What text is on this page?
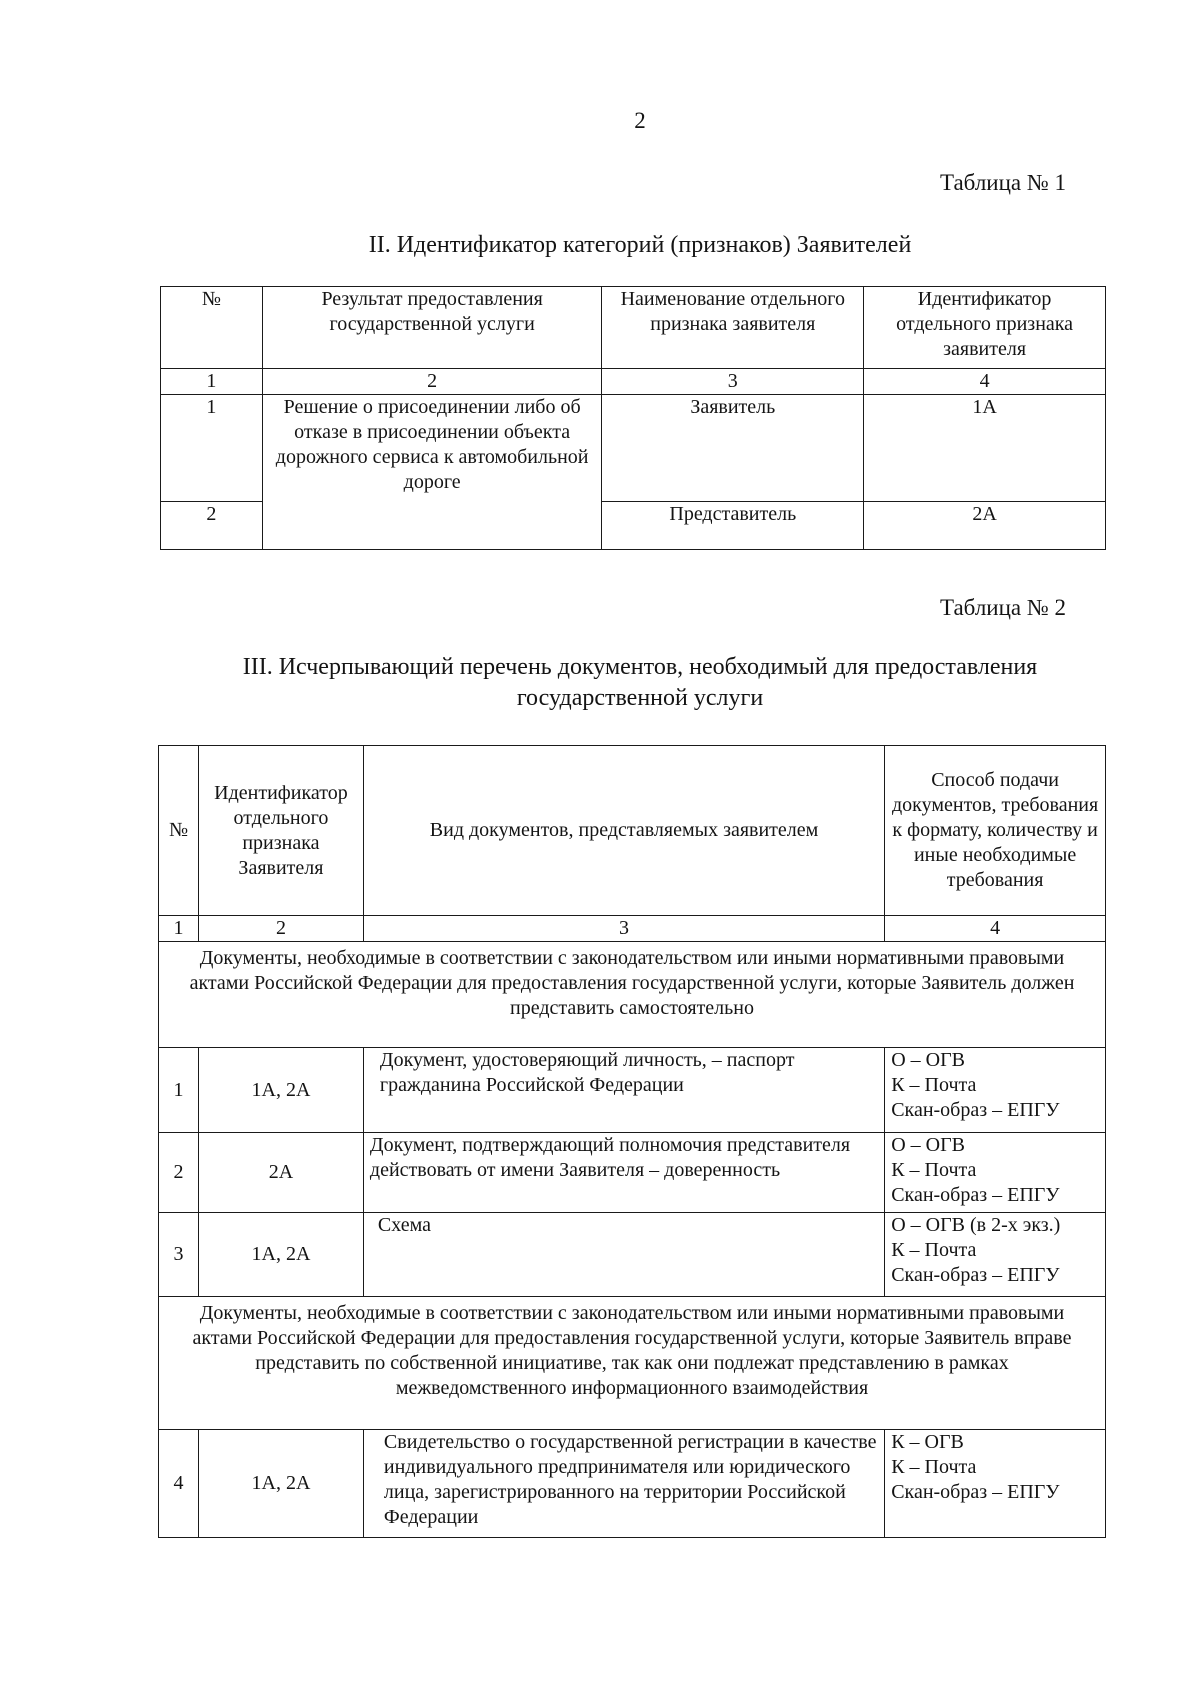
2
Таблица № 1
II. Идентификатор категорий (признаков) Заявителей
№	Результат предоставления государственной услуги	Наименование отдельного признака заявителя	Идентификатор отдельного признака заявителя
1	2	3	4
1	Решение о присоединении либо об отказе в присоединении объекта дорожного сервиса к автомобильной дороге	Заявитель	1А
2		Представитель	2А
Таблица № 2
III. Исчерпывающий перечень документов, необходимый для предоставления государственной услуги
№	Идентификатор отдельного признака Заявителя	Вид документов, представляемых заявителем	Способ подачи документов, требования к формату, количеству и иные необходимые требования
1	2	3	4
Документы, необходимые в соответствии с законодательством или иными нормативными правовыми актами Российской Федерации для предоставления государственной услуги, которые Заявитель должен представить самостоятельно			
1	1А, 2А	Документ, удостоверяющий личность, – паспорт гражданина Российской Федерации	О – ОГВ
К – Почта
Скан-образ – ЕПГУ

2	2А	Документ, подтверждающий полномочия представителя действовать от имени Заявителя – доверенность	О – ОГВ
К – Почта
Скан-образ – ЕПГУ

3	1А, 2А	Схема	О – ОГВ (в 2-х экз.)
К – Почта
Скан-образ – ЕПГУ

Документы, необходимые в соответствии с законодательством или иными нормативными правовыми актами Российской Федерации для предоставления государственной услуги, которые Заявитель вправе представить по собственной инициативе, так как они подлежат представлению в рамках межведомственного информационного взаимодействия			
4	1А, 2А	Свидетельство о государственной регистрации в качестве индивидуального предпринимателя или юридического лица, зарегистрированного на территории Российской Федерации	К – ОГВ
К – Почта
Скан-образ – ЕПГУ
